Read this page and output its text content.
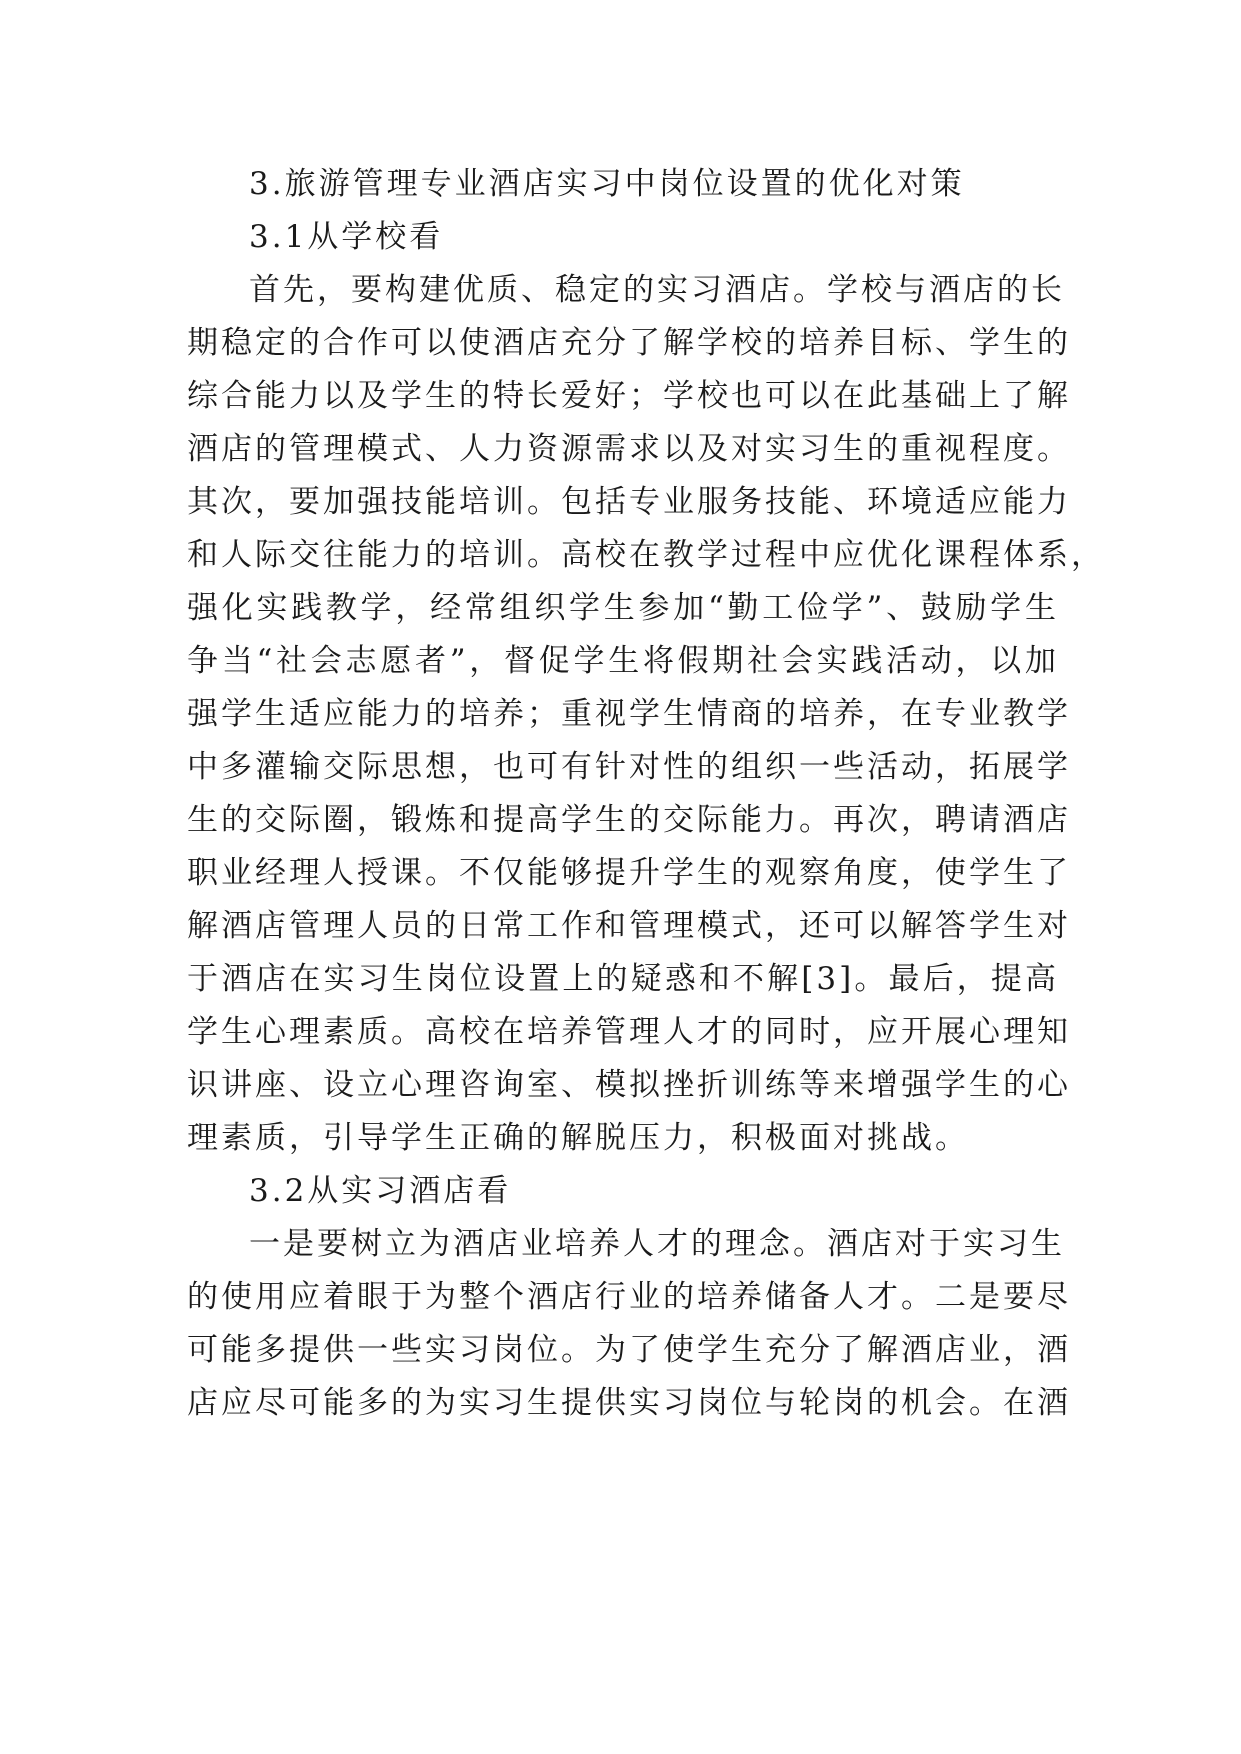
3.旅游管理专业酒店实习中岗位设置的优化对策
3.1从学校看
首先，要构建优质、稳定的实习酒店。学校与酒店的长
期稳定的合作可以使酒店充分了解学校的培养目标、学生的
综合能力以及学生的特长爱好；学校也可以在此基础上了解
酒店的管理模式、人力资源需求以及对实习生的重视程度。
其次，要加强技能培训。包括专业服务技能、环境适应能力
和人际交往能力的培训。高校在教学过程中应优化课程体系，
强化实践教学，经常组织学生参加“勤工俭学”、鼓励学生
争当“社会志愿者”，督促学生将假期社会实践活动，以加
强学生适应能力的培养；重视学生情商的培养，在专业教学
中多灌输交际思想，也可有针对性的组织一些活动，拓展学
生的交际圈，锻炼和提高学生的交际能力。再次，聘请酒店
职业经理人授课。不仅能够提升学生的观察角度，使学生了
解酒店管理人员的日常工作和管理模式，还可以解答学生对
于酒店在实习生岗位设置上的疑惑和不解[3]。最后，提高
学生心理素质。高校在培养管理人才的同时，应开展心理知
识讲座、设立心理咨询室、模拟挫折训练等来增强学生的心
理素质，引导学生正确的解脱压力，积极面对挑战。
3.2从实习酒店看
一是要树立为酒店业培养人才的理念。酒店对于实习生
的使用应着眼于为整个酒店行业的培养储备人才。二是要尽
可能多提供一些实习岗位。为了使学生充分了解酒店业，酒
店应尽可能多的为实习生提供实习岗位与轮岗的机会。在酒
